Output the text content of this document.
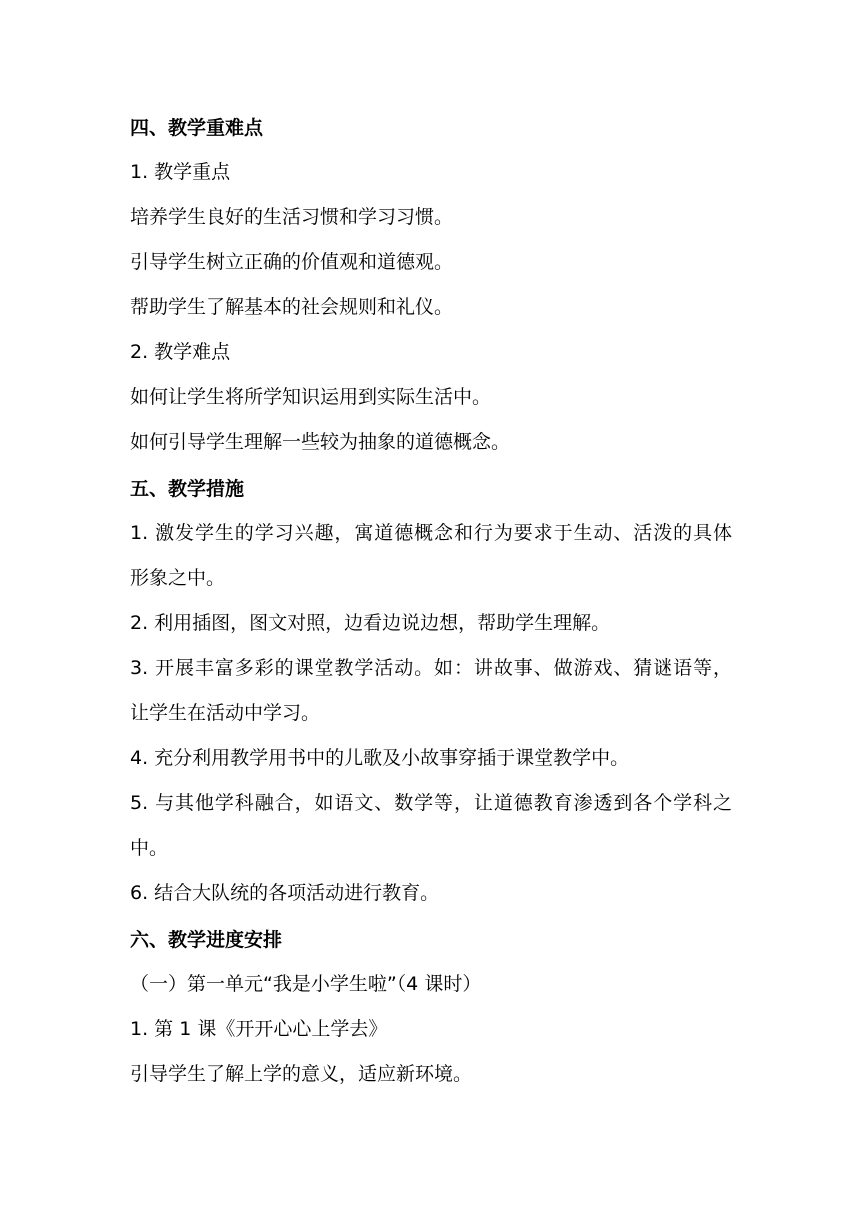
四、教学重难点
1. 教学重点
培养学生良好的生活习惯和学习习惯。
引导学生树立正确的价值观和道德观。
帮助学生了解基本的社会规则和礼仪。
2. 教学难点
如何让学生将所学知识运用到实际生活中。
如何引导学生理解一些较为抽象的道德概念。
五、教学措施
1. 激发学生的学习兴趣，寓道德概念和行为要求于生动、活泼的具体
形象之中。
2. 利用插图，图文对照，边看边说边想，帮助学生理解。
3. 开展丰富多彩的课堂教学活动。如：讲故事、做游戏、猜谜语等，
让学生在活动中学习。
4. 充分利用教学用书中的儿歌及小故事穿插于课堂教学中。
5. 与其他学科融合，如语文、数学等，让道德教育渗透到各个学科之
中。
6. 结合大队统的各项活动进行教育。
六、教学进度安排
（一）第一单元“我是小学生啦”（4 课时）
1. 第 1 课《开开心心上学去》
引导学生了解上学的意义，适应新环境。
